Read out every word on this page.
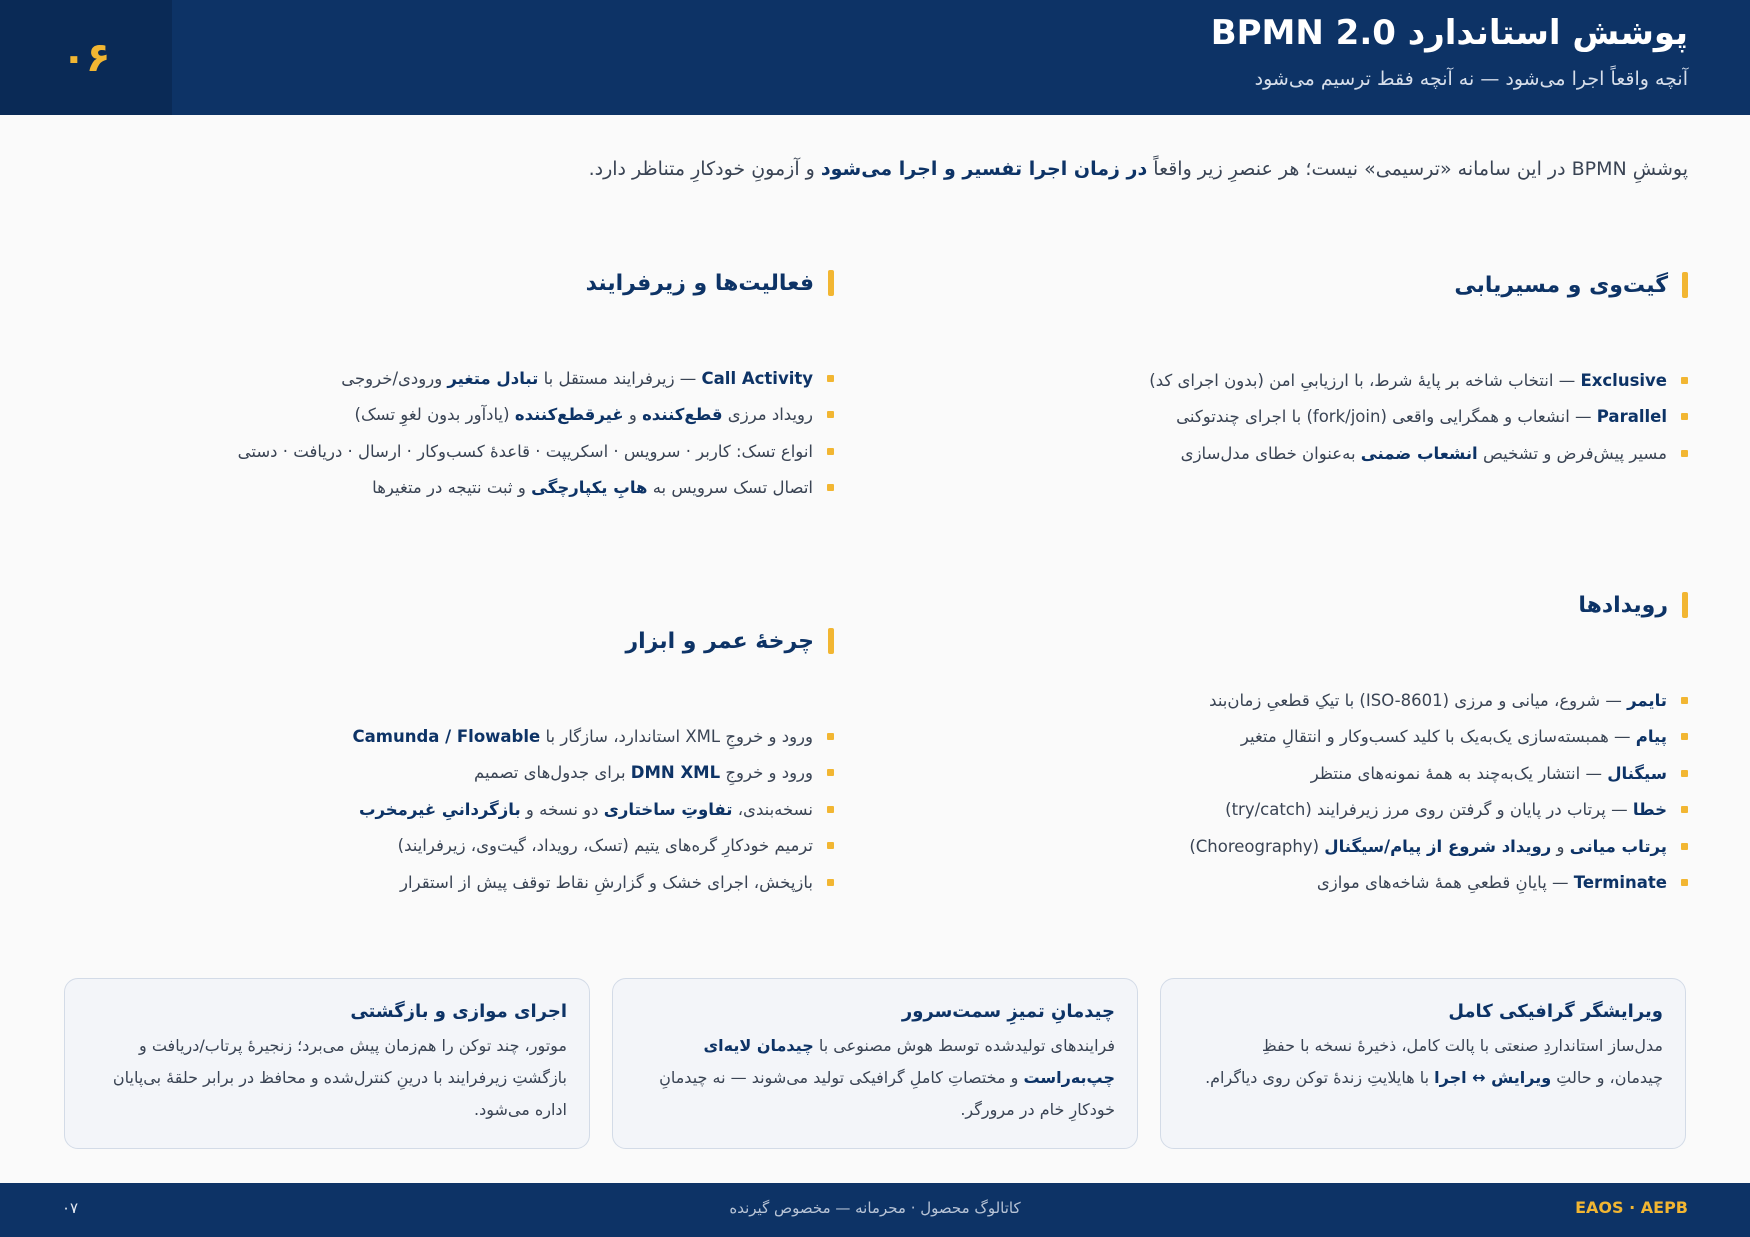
۰۶
پوشش استاندارد BPMN 2.0
آنچه واقعاً اجرا می‌شود — نه آنچه فقط ترسیم می‌شود
پوششِ BPMN در این سامانه «ترسیمی» نیست؛ هر عنصرِ زیر واقعاً در زمان اجرا تفسیر و اجرا می‌شود و آزمونِ خودکارِ متناظر دارد.
گیت‌وی و مسیریابی
Exclusive — انتخاب شاخه بر پایهٔ شرط، با ارزیابیِ امن (بدون اجرای کد)
Parallel — انشعاب و همگرایی واقعی (fork/join) با اجرای چندتوکنی
مسیر پیش‌فرض و تشخیص انشعاب ضمنی به‌عنوان خطای مدل‌سازی
فعالیت‌ها و زیرفرایند
Call Activity — زیرفرایند مستقل با تبادل متغیر ورودی/خروجی
رویداد مرزی قطع‌کننده و غیرقطع‌کننده (یادآور بدون لغوِ تسک)
انواع تسک: کاربر · سرویس · اسکریپت · قاعدهٔ کسب‌وکار · ارسال · دریافت · دستی
اتصال تسک سرویس به هابِ یکپارچگی و ثبت نتیجه در متغیرها
رویدادها
تایمر — شروع، میانی و مرزی (ISO-8601) با تیکِ قطعیِ زمان‌بند
پیام — همبسته‌سازی یک‌به‌یک با کلید کسب‌وکار و انتقالِ متغیر
سیگنال — انتشار یک‌به‌چند به همهٔ نمونه‌های منتظر
خطا — پرتاب در پایان و گرفتن روی مرز زیرفرایند (try/catch)
پرتاب میانی و رویداد شروع از پیام/سیگنال (Choreography)
Terminate — پایانِ قطعیِ همهٔ شاخه‌های موازی
چرخهٔ عمر و ابزار
ورود و خروجِ XML استاندارد، سازگار با Camunda / Flowable
ورود و خروجِ DMN XML برای جدول‌های تصمیم
نسخه‌بندی، تفاوتِ ساختاری دو نسخه و بازگردانیِ غیرمخرب
ترمیم خودکارِ گره‌های یتیم (تسک، رویداد، گیت‌وی، زیرفرایند)
بازپخش، اجرای خشک و گزارشِ نقاط توقف پیش از استقرار
ویرایشگر گرافیکی کامل
مدل‌ساز استانداردِ صنعتی با پالت کامل، ذخیرهٔ نسخه با حفظِ
چیدمان، و حالتِ ویرایش ↔ اجرا با هایلایتِ زندهٔ توکن روی دیاگرام.
چیدمانِ تمیزِ سمت‌سرور
فرایندهای تولیدشده توسط هوش مصنوعی با چیدمان لایه‌ای
چپ‌به‌راست و مختصاتِ کاملِ گرافیکی تولید می‌شوند — نه چیدمانِ
خودکارِ خام در مرورگر.
اجرای موازی و بازگشتی
موتور، چند توکن را هم‌زمان پیش می‌برد؛ زنجیرهٔ پرتاب/دریافت و
بازگشتِ زیرفرایند با درینِ کنترل‌شده و محافظ در برابر حلقهٔ بی‌پایان
اداره می‌شود.
۰۷	کاتالوگ محصول · محرمانه — مخصوص گیرنده	EAOS · AEPB
